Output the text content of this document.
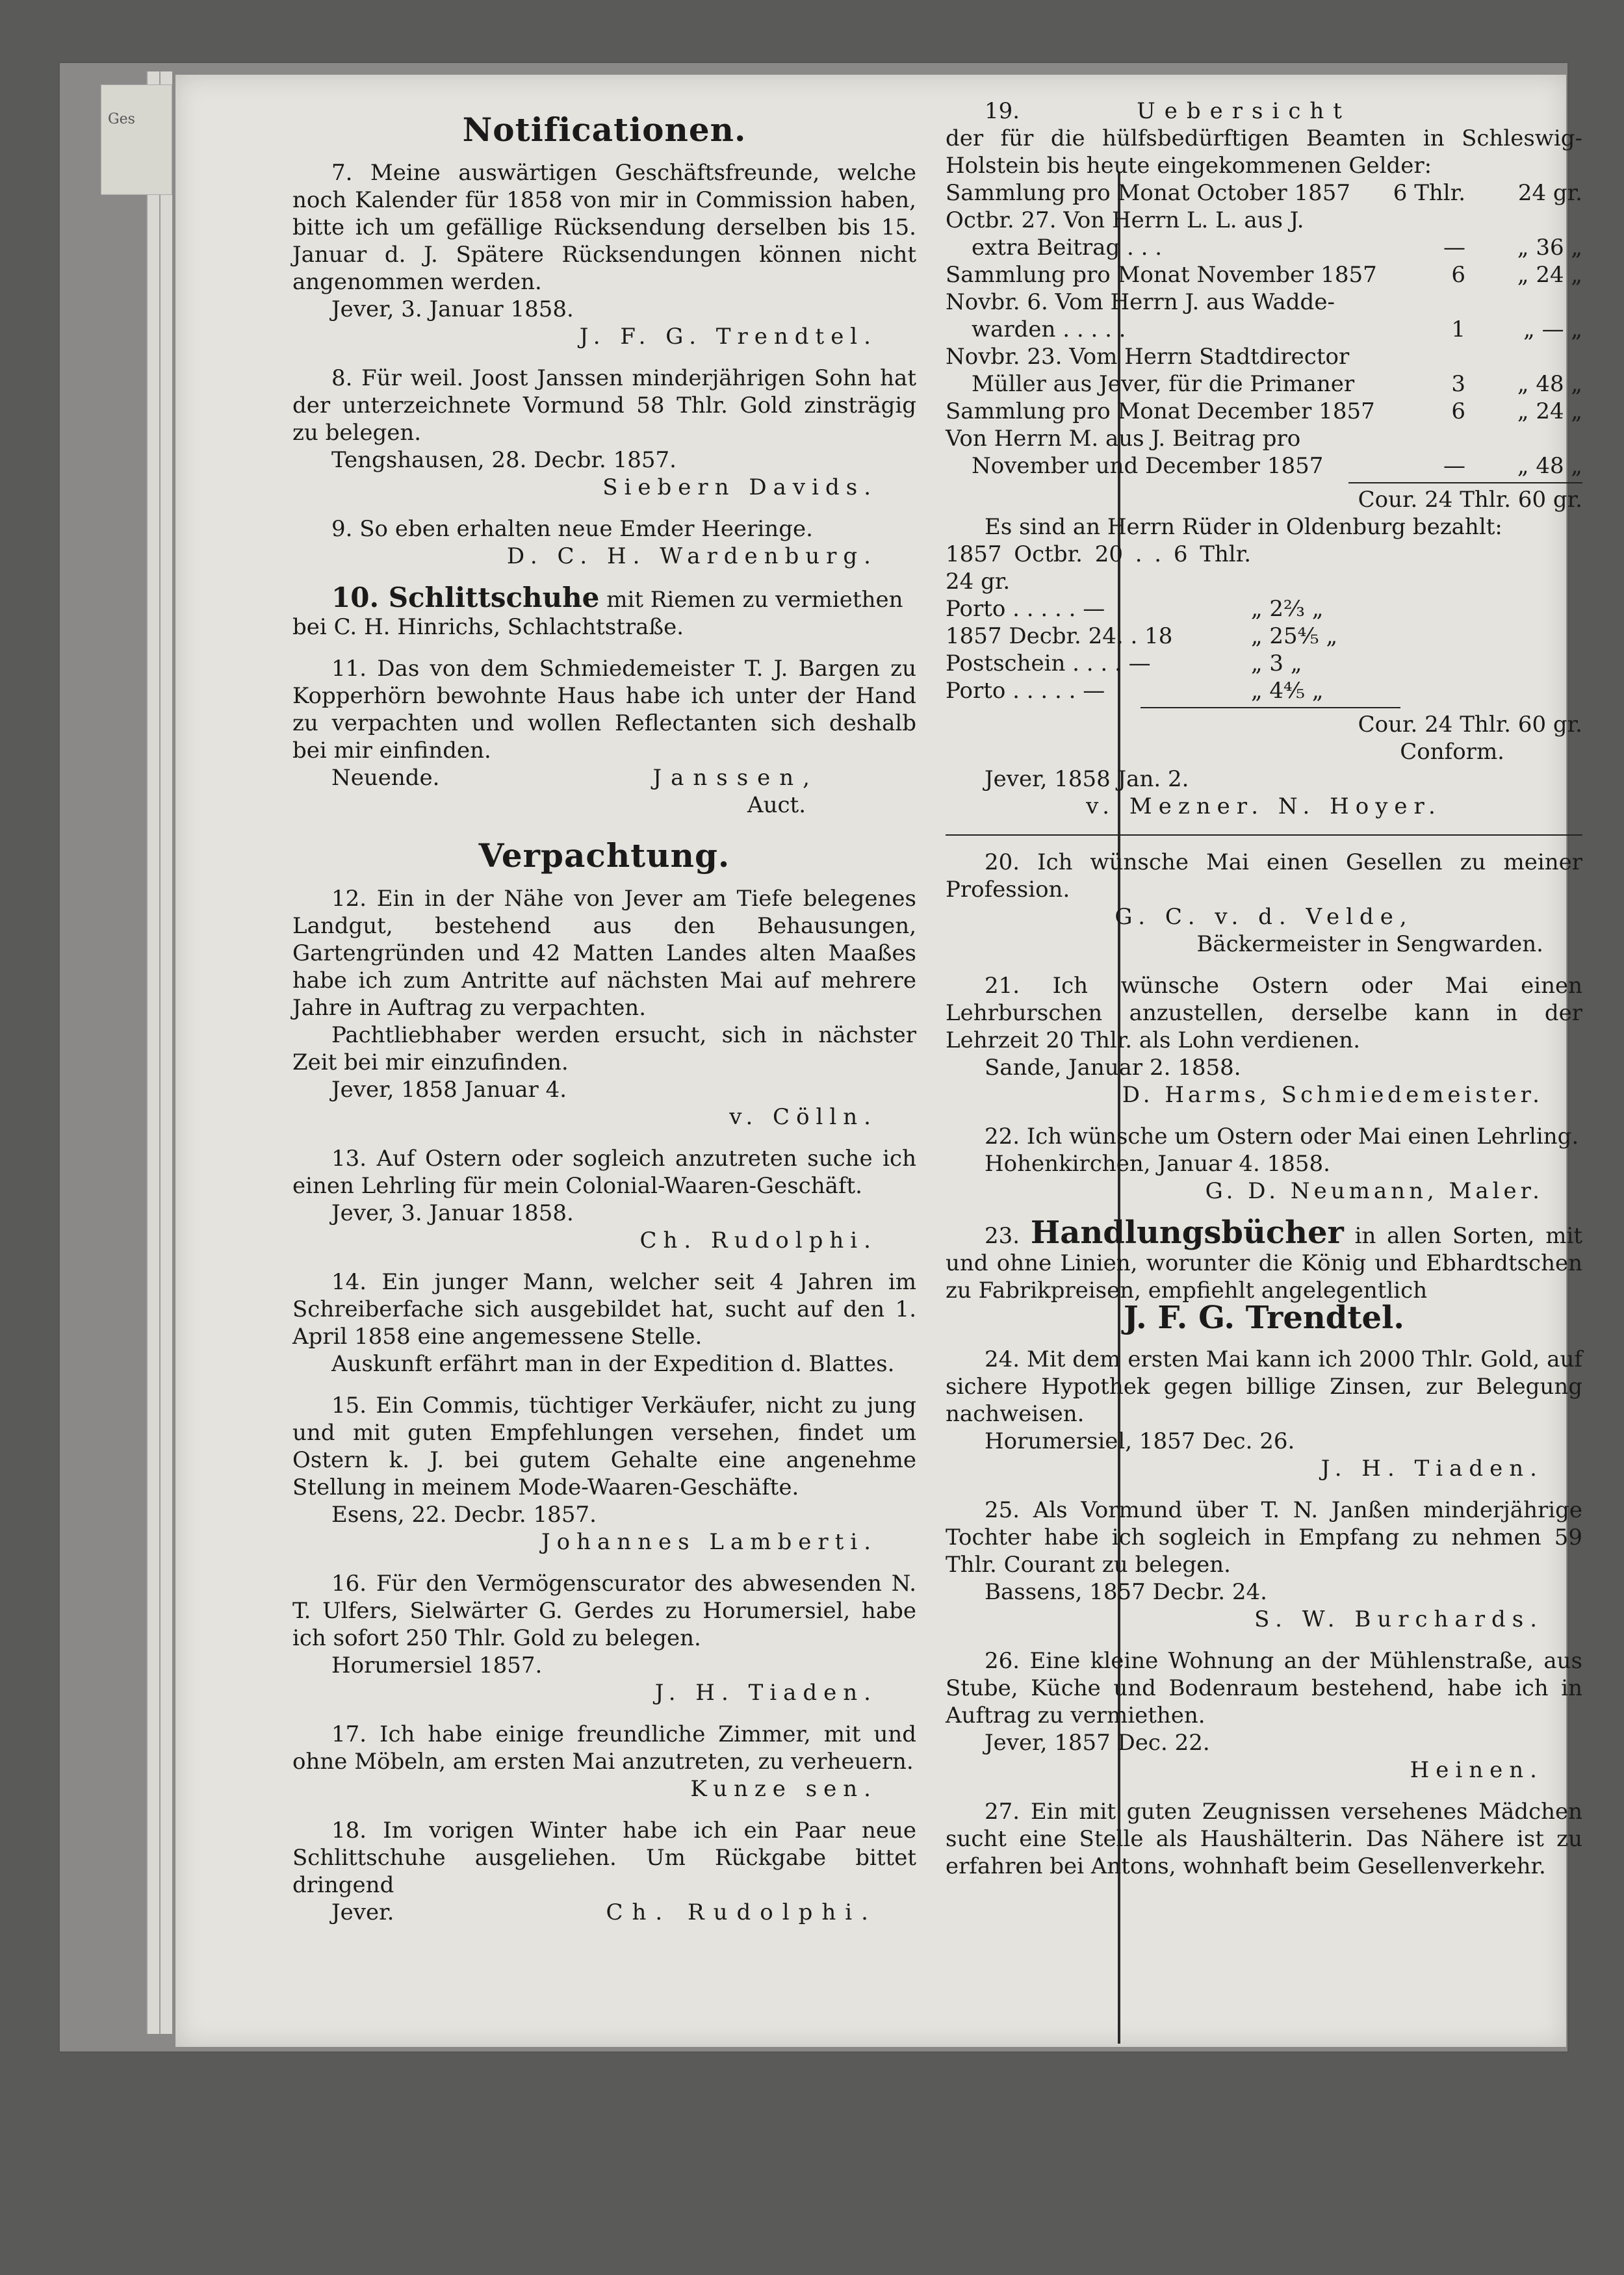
Ges	Notificationen.
7. Meine auswärtigen Geschäftsfreunde, welche noch Kalender für 1858 von mir in Commission haben, bitte ich um gefällige Rücksendung derselben bis 15. Januar d. J. Spätere Rücksendungen können nicht angenommen werden.
Jever, 3. Januar 1858.
J. F. G. Trendtel.
8. Für weil. Joost Janssen minderjährigen Sohn hat der unterzeichnete Vormund 58 Thlr. Gold zinsträgig zu belegen.
Tengshausen, 28. Decbr. 1857.
Siebern Davids.
9. So eben erhalten neue Emder Heeringe.
D. C. H. Wardenburg.
10. Schlittschuhe mit Riemen zu vermiethen
bei C. H. Hinrichs, Schlachtstraße.
11. Das von dem Schmiedemeister T. J. Bargen zu Kopperhörn bewohnte Haus habe ich unter der Hand zu verpachten und wollen Reflectanten sich deshalb bei mir einfinden.
Neuende.	Janssen,
Auct.
Verpachtung.
12. Ein in der Nähe von Jever am Tiefe belegenes Landgut, bestehend aus den Behausungen, Gartengründen und 42 Matten Landes alten Maaßes habe ich zum Antritte auf nächsten Mai auf mehrere Jahre in Auftrag zu verpachten.
Pachtliebhaber werden ersucht, sich in nächster Zeit bei mir einzufinden.
Jever, 1858 Januar 4.
v. Cölln.
13. Auf Ostern oder sogleich anzutreten suche ich einen Lehrling für mein Colonial-Waaren-Geschäft.
Jever, 3. Januar 1858.
Ch. Rudolphi.
14. Ein junger Mann, welcher seit 4 Jahren im Schreiberfache sich ausgebildet hat, sucht auf den 1. April 1858 eine angemessene Stelle.
Auskunft erfährt man in der Expedition d. Blattes.
15. Ein Commis, tüchtiger Verkäufer, nicht zu jung und mit guten Empfehlungen versehen, findet um Ostern k. J. bei gutem Gehalte eine angenehme Stellung in meinem Mode-Waaren-Geschäfte.
Esens, 22. Decbr. 1857.
Johannes Lamberti.
16. Für den Vermögenscurator des abwesenden N. T. Ulfers, Sielwärter G. Gerdes zu Horumersiel, habe ich sofort 250 Thlr. Gold zu belegen.
Horumersiel 1857.
J. H. Tiaden.
17. Ich habe einige freundliche Zimmer, mit und ohne Möbeln, am ersten Mai anzutreten, zu verheuern.
Kunze sen.
18. Im vorigen Winter habe ich ein Paar neue Schlittschuhe ausgeliehen. Um Rückgabe bittet dringend
Jever.	Ch. Rudolphi.
19.	Uebersicht
der für die hülfsbedürftigen Beamten in Schleswig-Holstein bis heute eingekommenen Gelder:
Sammlung pro Monat October 1857 6 Thlr.	24 gr.
Octbr. 27. Von Herrn L. L. aus J.
extra Beitrag . . .	—	„ 36 „
Sammlung pro Monat November 1857	6	„ 24 „
Novbr. 6. Vom Herrn J. aus Wadde-
warden . . . . .	1	„ — „
Novbr. 23. Vom Herrn Stadtdirector
Müller aus Jever, für die Primaner	3	„ 48 „
Sammlung pro Monat December 1857	6	„ 24 „
Von Herrn M. aus J. Beitrag pro
November und December 1857	—	„ 48 „
Cour. 24 Thlr. 60 gr.
Es sind an Herrn Rüder in Oldenburg bezahlt:
1857 Octbr. 20 . . 6 Thlr. 24 gr.
Porto . . . . . —	„ 2⅔ „
1857 Decbr. 24. . 18	„ 25⅘ „
Postschein . . . . —	„ 3 „
Porto . . . . . —	„ 4⅘ „
Cour. 24 Thlr. 60 gr.
Conform.
Jever, 1858 Jan. 2.
v. Mezner. N. Hoyer.
20. Ich wünsche Mai einen Gesellen zu meiner Profession.
G. C. v. d. Velde,
Bäckermeister in Sengwarden.
21. Ich wünsche Ostern oder Mai einen Lehrburschen anzustellen, derselbe kann in der Lehrzeit 20 Thlr. als Lohn verdienen.
Sande, Januar 2. 1858.
D. Harms, Schmiedemeister.
22. Ich wünsche um Ostern oder Mai einen Lehrling.
Hohenkirchen, Januar 4. 1858.
G. D. Neumann, Maler.
23. Handlungsbücher in allen Sorten, mit und ohne Linien, worunter die König und Ebhardtschen zu Fabrikpreisen, empfiehlt angelegentlich
J. F. G. Trendtel.
24. Mit dem ersten Mai kann ich 2000 Thlr. Gold, auf sichere Hypothek gegen billige Zinsen, zur Belegung nachweisen.
Horumersiel, 1857 Dec. 26.
J. H. Tiaden.
25. Als Vormund über T. N. Janßen minderjährige Tochter habe ich sogleich in Empfang zu nehmen 59 Thlr. Courant zu belegen.
Bassens, 1857 Decbr. 24.
S. W. Burchards.
26. Eine kleine Wohnung an der Mühlenstraße, aus Stube, Küche und Bodenraum bestehend, habe ich in Auftrag zu vermiethen.
Jever, 1857 Dec. 22.
Heinen.
27. Ein mit guten Zeugnissen versehenes Mädchen sucht eine Stelle als Haushälterin. Das Nähere ist zu erfahren bei Antons, wohnhaft beim Gesellenverkehr.
